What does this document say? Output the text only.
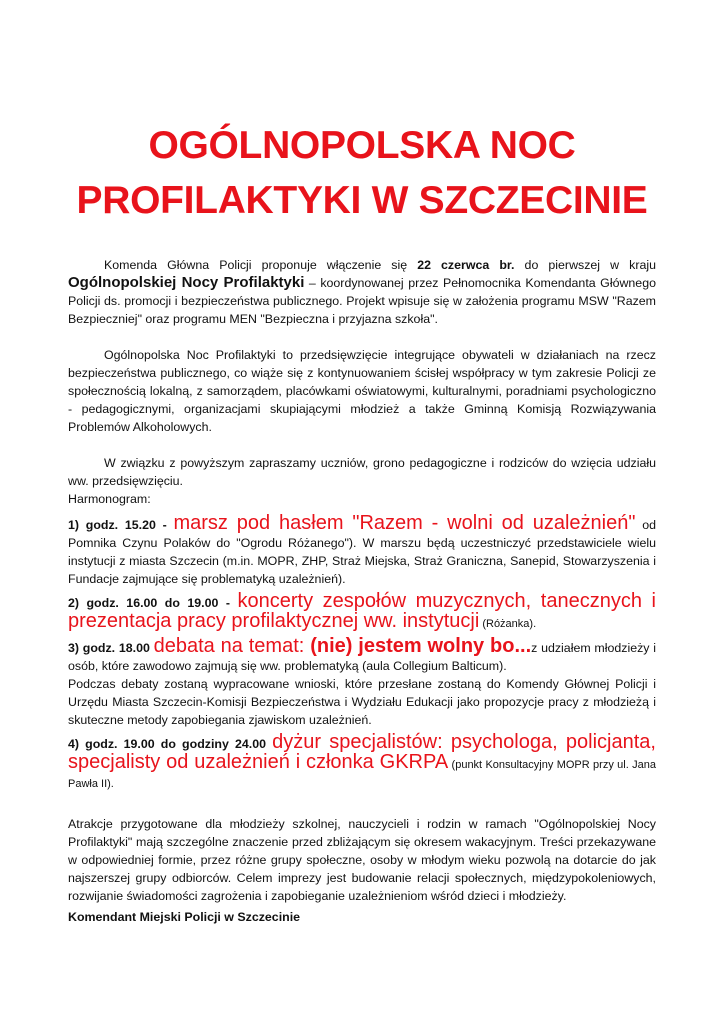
OGÓLNOPOLSKA NOC
PROFILAKTYKI W SZCZECINIE

Komenda Główna Policji proponuje włączenie się 22 czerwca br. do pierwszej w kraju Ogólnopolskiej Nocy Profilaktyki – koordynowanej przez Pełnomocnika Komendanta Głównego Policji ds. promocji i bezpieczeństwa publicznego. Projekt wpisuje się w założenia programu MSW "Razem Bezpieczniej" oraz programu MEN "Bezpieczna i przyjazna szkoła".

Ogólnopolska Noc Profilaktyki to przedsięwzięcie integrujące obywateli w działaniach na rzecz bezpieczeństwa publicznego, co wiąże się z kontynuowaniem ścisłej współpracy w tym zakresie Policji ze społecznością lokalną, z samorządem, placówkami oświatowymi, kulturalnymi, poradniami psychologiczno - pedagogicznymi, organizacjami skupiającymi młodzież a także Gminną Komisją Rozwiązywania Problemów Alkoholowych.

W związku z powyższym zapraszamy uczniów, grono pedagogiczne i rodziców do wzięcia udziału ww. przedsięwzięciu.

Harmonogram:

1) godz. 15.20 - marsz pod hasłem "Razem - wolni od uzależnień" od Pomnika Czynu Polaków do "Ogrodu Różanego"). W marszu będą uczestniczyć przedstawiciele wielu instytucji z miasta Szczecin (m.in. MOPR, ZHP, Straż Miejska, Straż Graniczna, Sanepid, Stowarzyszenia i Fundacje zajmujące się problematyką uzależnień).

2) godz. 16.00 do 19.00 - koncerty zespołów muzycznych, tanecznych i prezentacja pracy profilaktycznej ww. instytucji (Różanka).

3) godz. 18.00 debata na temat: (nie) jestem wolny bo...z udziałem młodzieży i osób, które zawodowo zajmują się ww. problematyką (aula Collegium Balticum).

Podczas debaty zostaną wypracowane wnioski, które przesłane zostaną do Komendy Głównej Policji i Urzędu Miasta Szczecin-Komisji Bezpieczeństwa i Wydziału Edukacji jako propozycje pracy z młodzieżą i skuteczne metody zapobiegania zjawiskom uzależnień.

4) godz. 19.00 do godziny 24.00 dyżur specjalistów: psychologa, policjanta, specjalisty od uzależnień i członka GKRPA (punkt Konsultacyjny MOPR przy ul. Jana Pawła II).

Atrakcje przygotowane dla młodzieży szkolnej, nauczycieli i rodzin w ramach "Ogólnopolskiej Nocy Profilaktyki" mają szczególne znaczenie przed zbliżającym się okresem wakacyjnym. Treści przekazywane w odpowiedniej formie, przez różne grupy społeczne, osoby w młodym wieku pozwolą na dotarcie do jak najszerszej grupy odbiorców. Celem imprezy jest budowanie relacji społecznych, międzypokoleniowych, rozwijanie świadomości zagrożenia i zapobieganie uzależnieniom wśród dzieci i młodzieży.

Komendant Miejski Policji w Szczecinie
